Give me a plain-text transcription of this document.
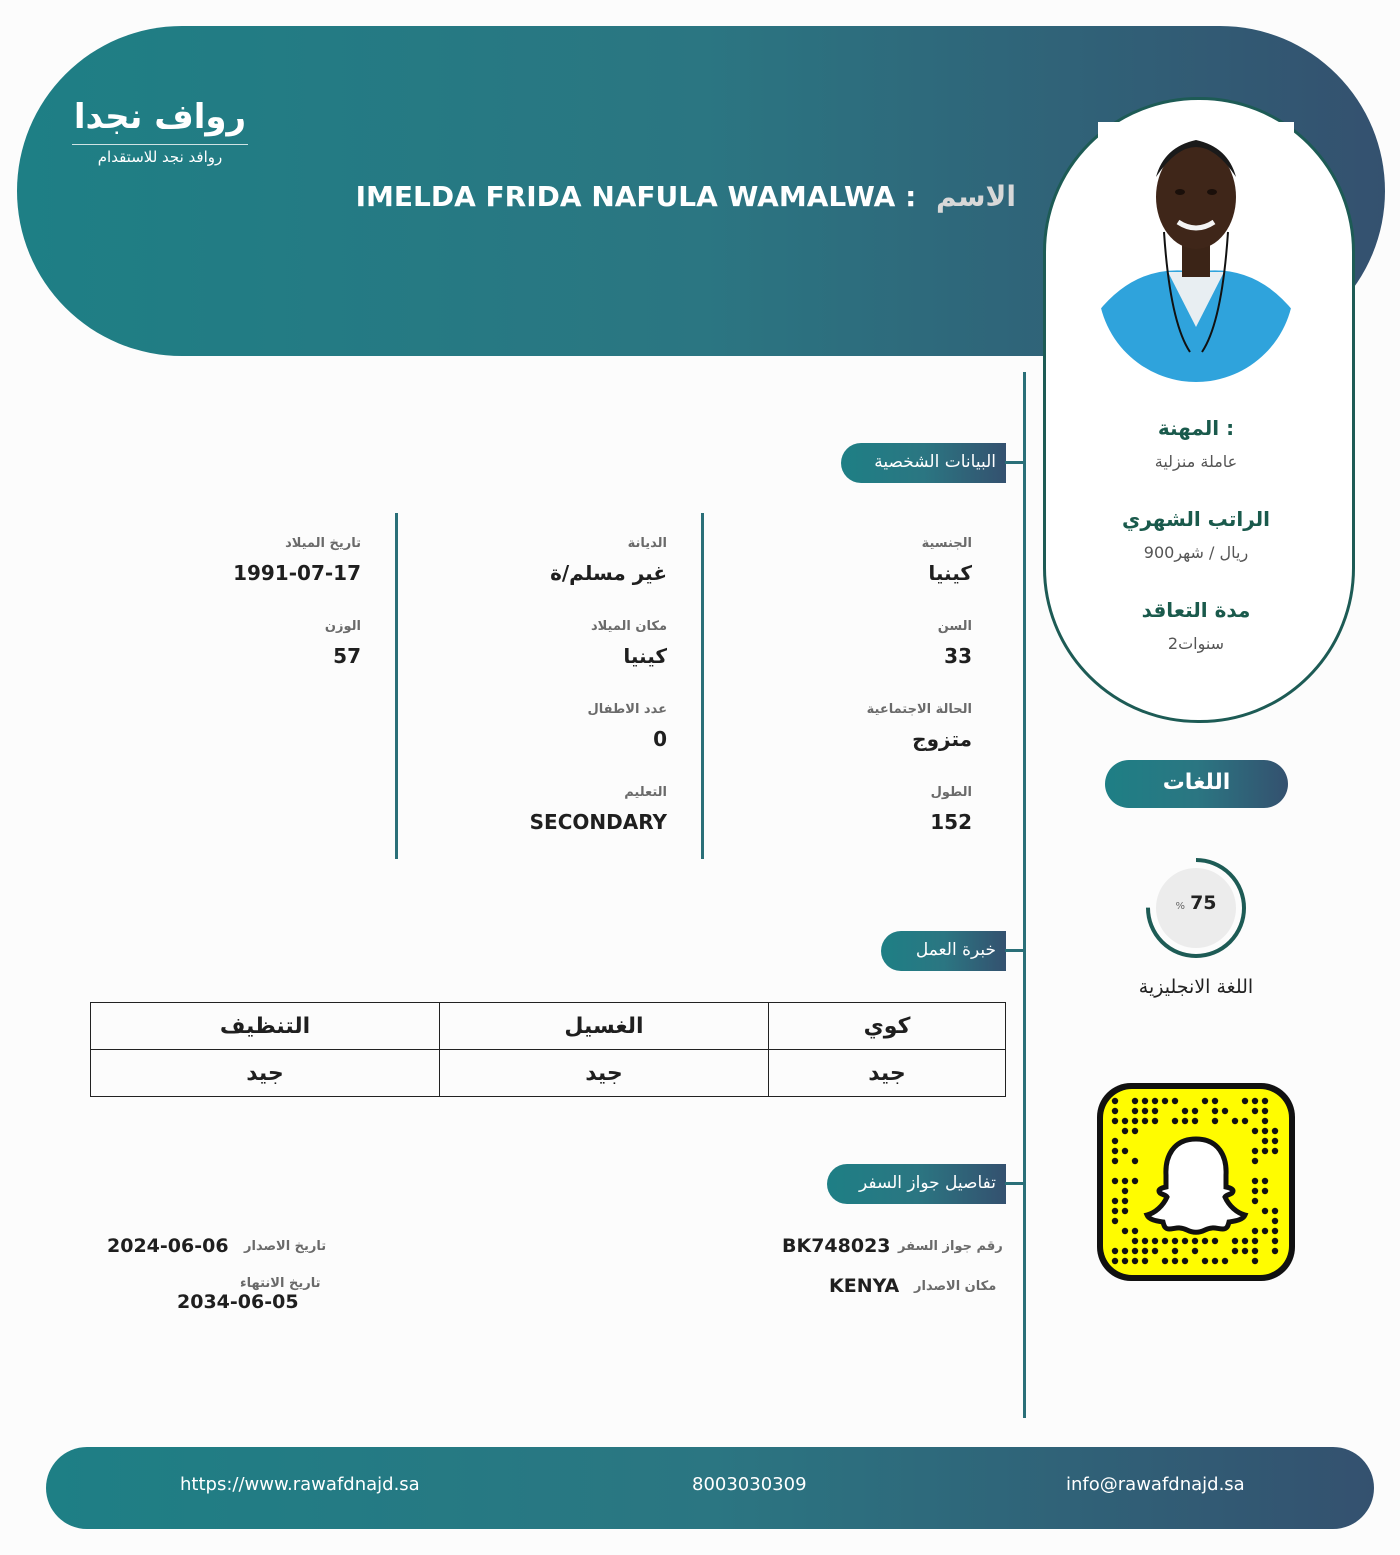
رواف نجدا
روافد نجد للاستقدام
الاسم IMELDA FRIDA NAFULA WAMALWA :
المهنة :
عاملة منزلية
الراتب الشهري
900ريال / شهر
مدة التعاقد
2سنوات
اللغات
% 75
اللغة الانجليزية
البيانات الشخصية
الجنسية
كينيا
السن
33
الحالة الاجتماعية
متزوج
الطول
152
الديانة
غير مسلم/ة
مكان الميلاد
كينيا
عدد الاطفال
0
التعليم
SECONDARY
تاريخ الميلاد
1991-07-17
الوزن
57
خبرة العمل
التنظيف	الغسيل	كوي
جيد	جيد	جيد
تفاصيل جواز السفر
رقم جواز السفر
BK748023
مكان الاصدار
KENYA
تاريخ الاصدار
2024-06-06
تاريخ الانتهاء
2034-06-05
https://www.rawafdnajd.sa	8003030309	info@rawafdnajd.sa
